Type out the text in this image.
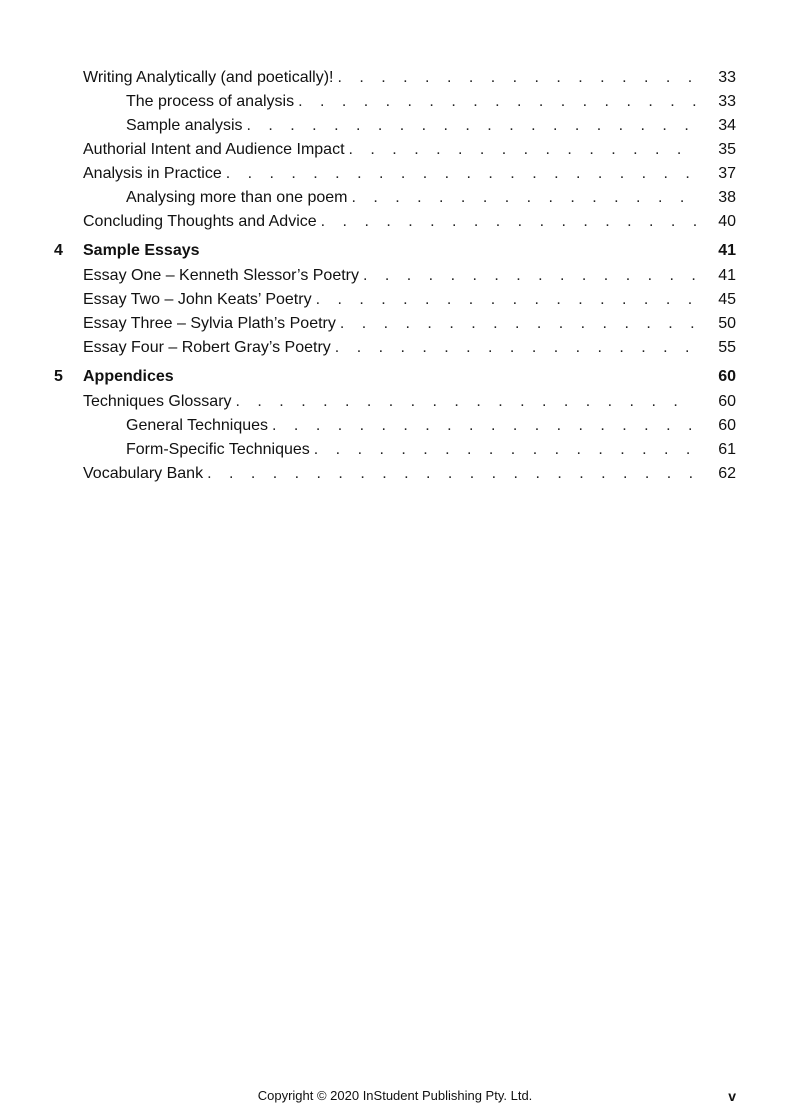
Writing Analytically (and poetically)! . . .	33
The process of analysis . . .	33
Sample analysis . . .	34
Authorial Intent and Audience Impact . . .	35
Analysis in Practice . . .	37
Analysing more than one poem . . .	38
Concluding Thoughts and Advice . . .	40
4 Sample Essays	41
Essay One – Kenneth Slessor’s Poetry . . .	41
Essay Two – John Keats’ Poetry . . .	45
Essay Three – Sylvia Plath’s Poetry . . .	50
Essay Four – Robert Gray’s Poetry . . .	55
5 Appendices	60
Techniques Glossary . . .	60
General Techniques . . .	60
Form-Specific Techniques . . .	61
Vocabulary Bank . . .	62
Copyright © 2020 InStudent Publishing Pty. Ltd.	v
